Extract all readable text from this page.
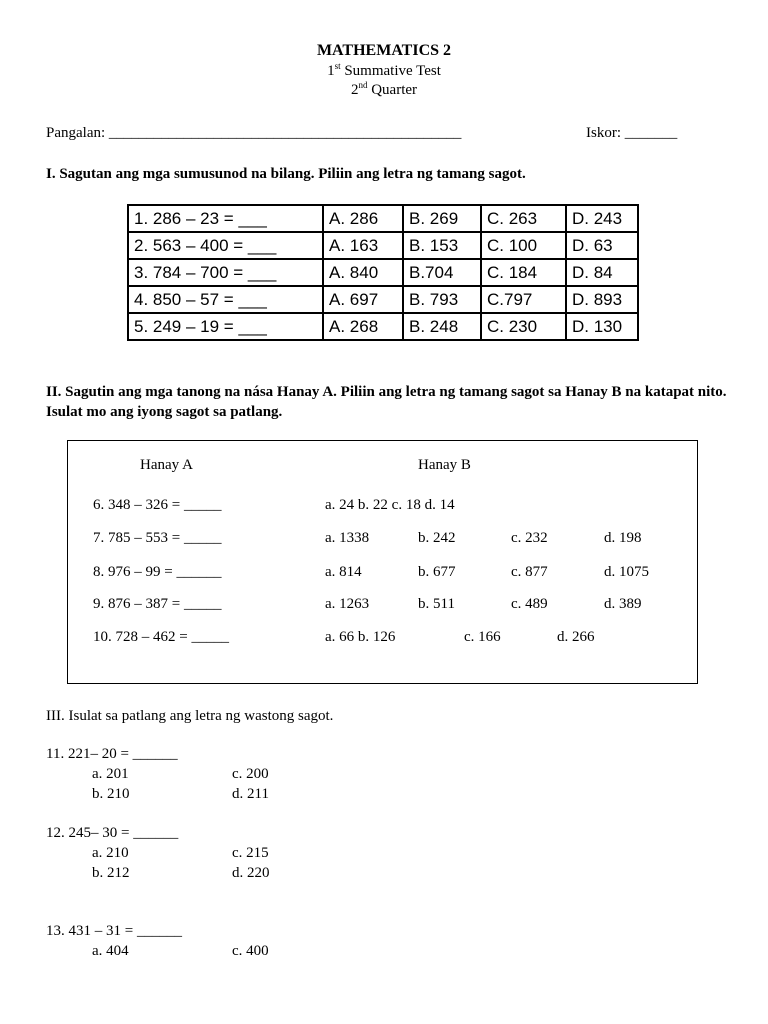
MATHEMATICS 2
1st Summative Test
2nd Quarter
Pangalan: _______________________________________________	Iskor: _______
I. Sagutan ang mga sumusunod na bilang. Piliin ang letra ng tamang sagot.
1. 286 – 23 = ___	A. 286	B. 269	C. 263	D. 243
2. 563 – 400 = ___	A. 163	B. 153	C. 100	D. 63
3. 784 – 700 = ___	A. 840	B.704	C. 184	D. 84
4. 850 – 57 = ___	A. 697	B. 793	C.797	D. 893
5. 249 – 19 = ___	A. 268	B. 248	C. 230	D. 130
II. Sagutin ang mga tanong na nása Hanay A. Piliin ang letra ng tamang sagot sa Hanay B na katapat nito. Isulat mo ang iyong sagot sa patlang.
Hanay A	Hanay B
6. 348 – 326 = _____	a. 24 b. 22 c. 18 d. 14
7. 785 – 553 = _____	a. 1338	b. 242	c. 232	d. 198
8. 976 – 99 = ______	a. 814	b. 677	c. 877	d. 1075
9. 876 – 387 = _____	a. 1263	b. 511	c. 489	d. 389
10. 728 – 462 = _____	a. 66 b. 126	c. 166	d. 266
III. Isulat sa patlang ang letra ng wastong sagot.
11. 221– 20 = ______
a. 201	c. 200
b. 210	d. 211
12. 245– 30 = ______
a. 210	c. 215
b. 212	d. 220
13. 431 – 31 = ______
a. 404	c. 400
